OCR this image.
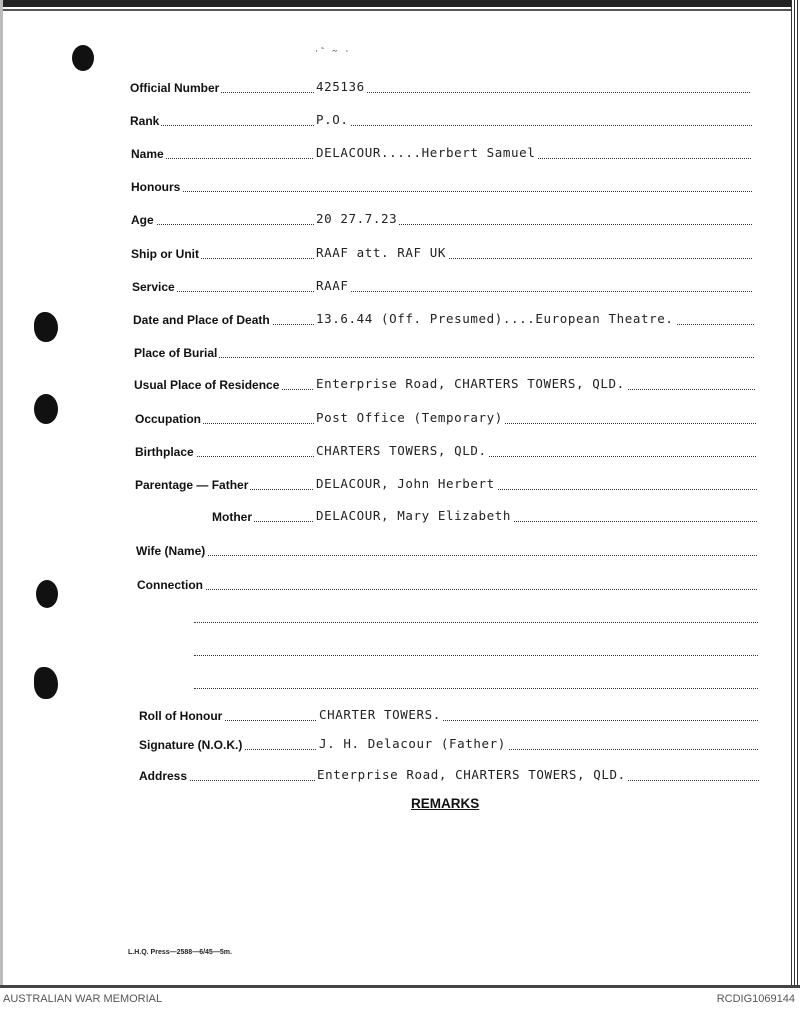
·˜ ~ ·
Official Number	425136
Rank	P.O.
Name	DELACOUR.....Herbert Samuel
Honours
Age	20 27.7.23
Ship or Unit	RAAF att. RAF UK
Service	RAAF
Date and Place of Death	13.6.44 (Off. Presumed)....European Theatre.
Place of Burial
Usual Place of Residence	Enterprise Road, CHARTERS TOWERS, QLD.
Occupation	Post Office (Temporary)
Birthplace	CHARTERS TOWERS, QLD.
Parentage — Father	DELACOUR, John Herbert
Mother	DELACOUR, Mary Elizabeth
Wife (Name)
Connection
Roll of Honour	CHARTER TOWERS.
Signature (N.O.K.)	J. H. Delacour (Father)
Address	Enterprise Road, CHARTERS TOWERS, QLD.
REMARKS
L.H.Q. Press—2588—6/45—5m.
AUSTRALIAN WAR MEMORIAL	RCDIG1069144
